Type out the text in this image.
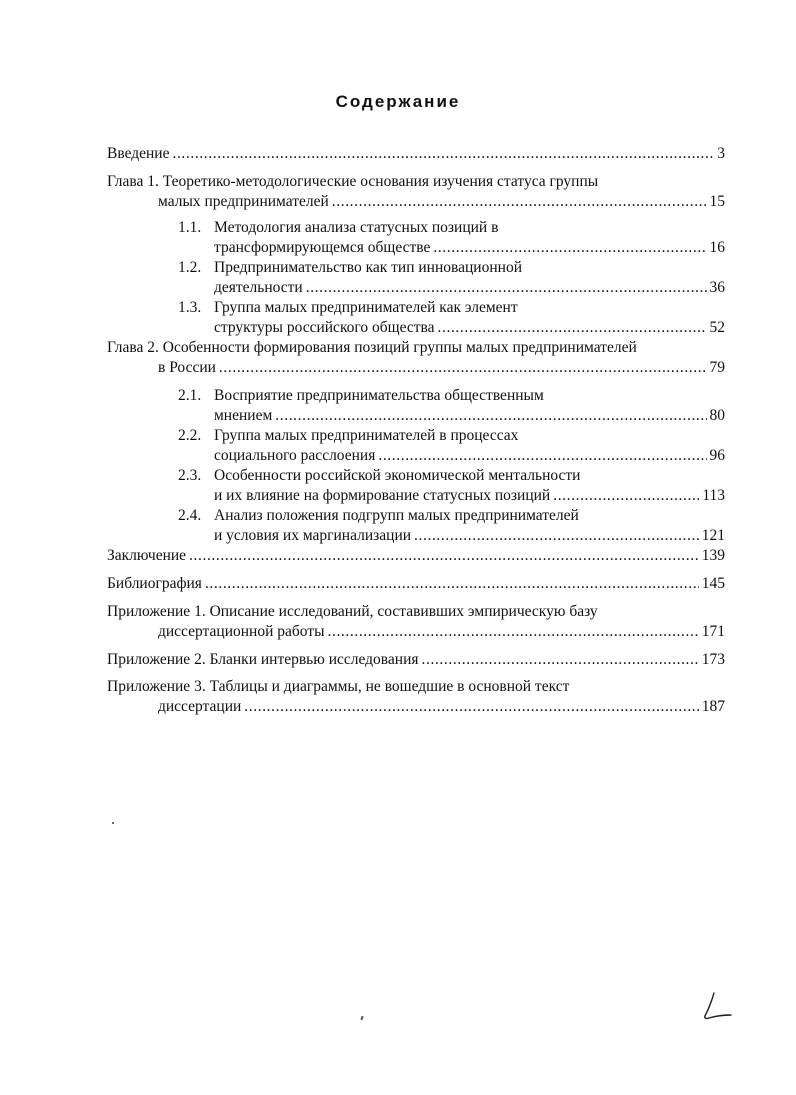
Содержание
Введение .....	3
Глава 1. Теоретико-методологические основания изучения статуса группы
малых предпринимателей .....	15
1.1. Методология анализа статусных позиций в
трансформирующемся обществе .....	16
1.2. Предпринимательство как тип инновационной
деятельности .....	36
1.3. Группа малых предпринимателей как элемент
структуры российского общества .....	52
Глава 2. Особенности формирования позиций группы малых предпринимателей
в России .....	79
2.1. Восприятие предпринимательства общественным
мнением .....	80
2.2. Группа малых предпринимателей в процессах
социального расслоения .....	96
2.3. Особенности российской экономической ментальности
и их влияние на формирование статусных позиций .....	113
2.4. Анализ положения подгрупп малых предпринимателей
и условия их маргинализации .....	121
Заключение .....	139
Библиография .....	145
Приложение 1. Описание исследований, составивших эмпирическую базу
диссертационной работы .....	171
Приложение 2. Бланки интервью исследования .....	173
Приложение 3. Таблицы и диаграммы, не вошедшие в основной текст
диссертации .....	187
